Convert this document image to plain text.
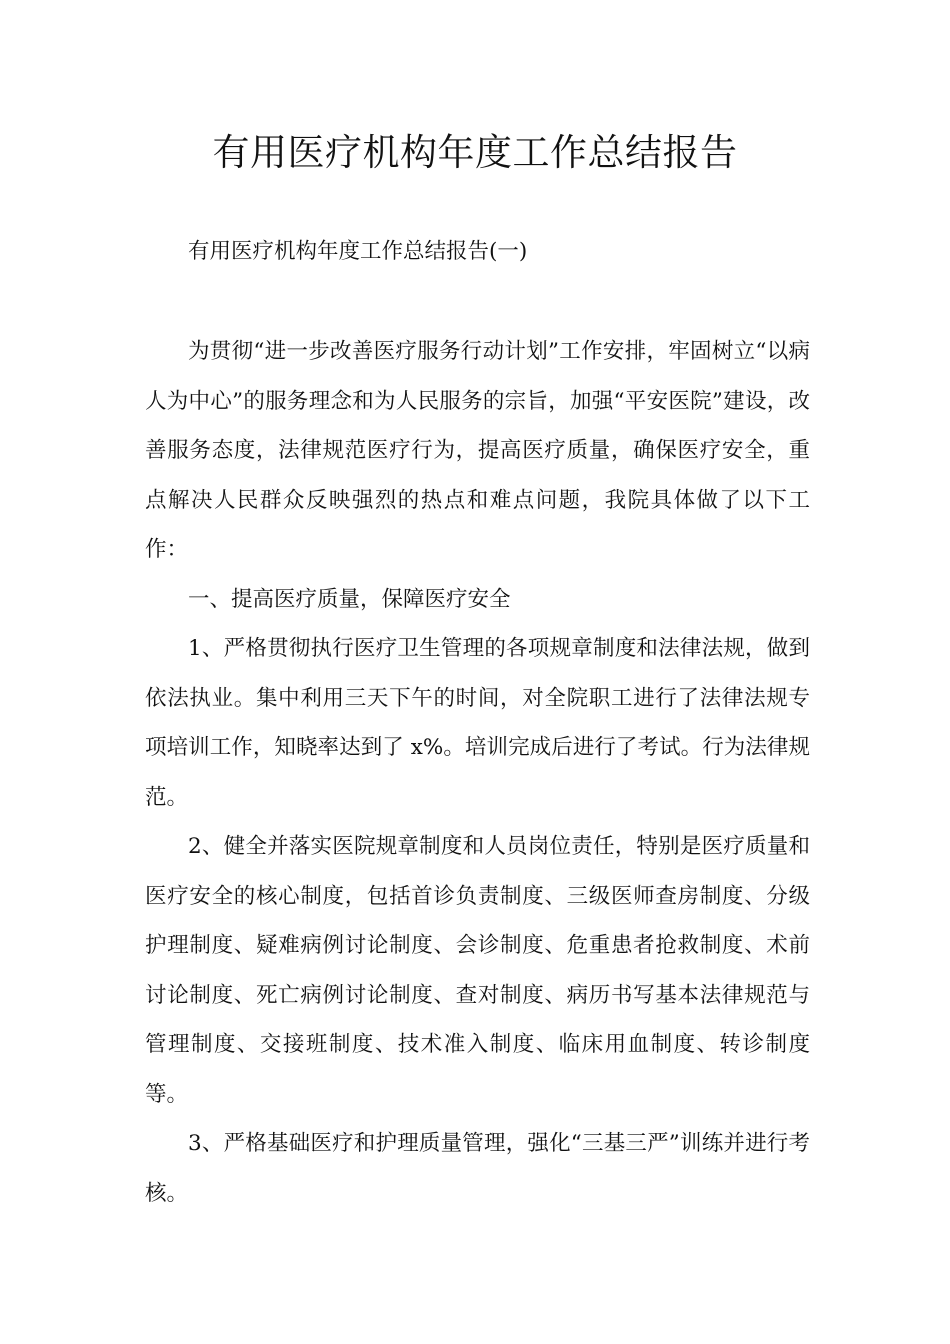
有用医疗机构年度工作总结报告

有用医疗机构年度工作总结报告(一)

为贯彻“进一步改善医疗服务行动计划”工作安排，牢固树立“以病人为中心”的服务理念和为人民服务的宗旨，加强“平安医院”建设，改善服务态度，法律规范医疗行为，提高医疗质量，确保医疗安全，重点解决人民群众反映强烈的热点和难点问题，我院具体做了以下工作：

一、提高医疗质量，保障医疗安全

1、严格贯彻执行医疗卫生管理的各项规章制度和法律法规，做到依法执业。集中利用三天下午的时间，对全院职工进行了法律法规专项培训工作，知晓率达到了 x%。培训完成后进行了考试。行为法律规范。

2、健全并落实医院规章制度和人员岗位责任，特别是医疗质量和医疗安全的核心制度，包括首诊负责制度、三级医师查房制度、分级护理制度、疑难病例讨论制度、会诊制度、危重患者抢救制度、术前讨论制度、死亡病例讨论制度、查对制度、病历书写基本法律规范与管理制度、交接班制度、技术准入制度、临床用血制度、转诊制度等。

3、严格基础医疗和护理质量管理，强化“三基三严”训练并进行考核。
